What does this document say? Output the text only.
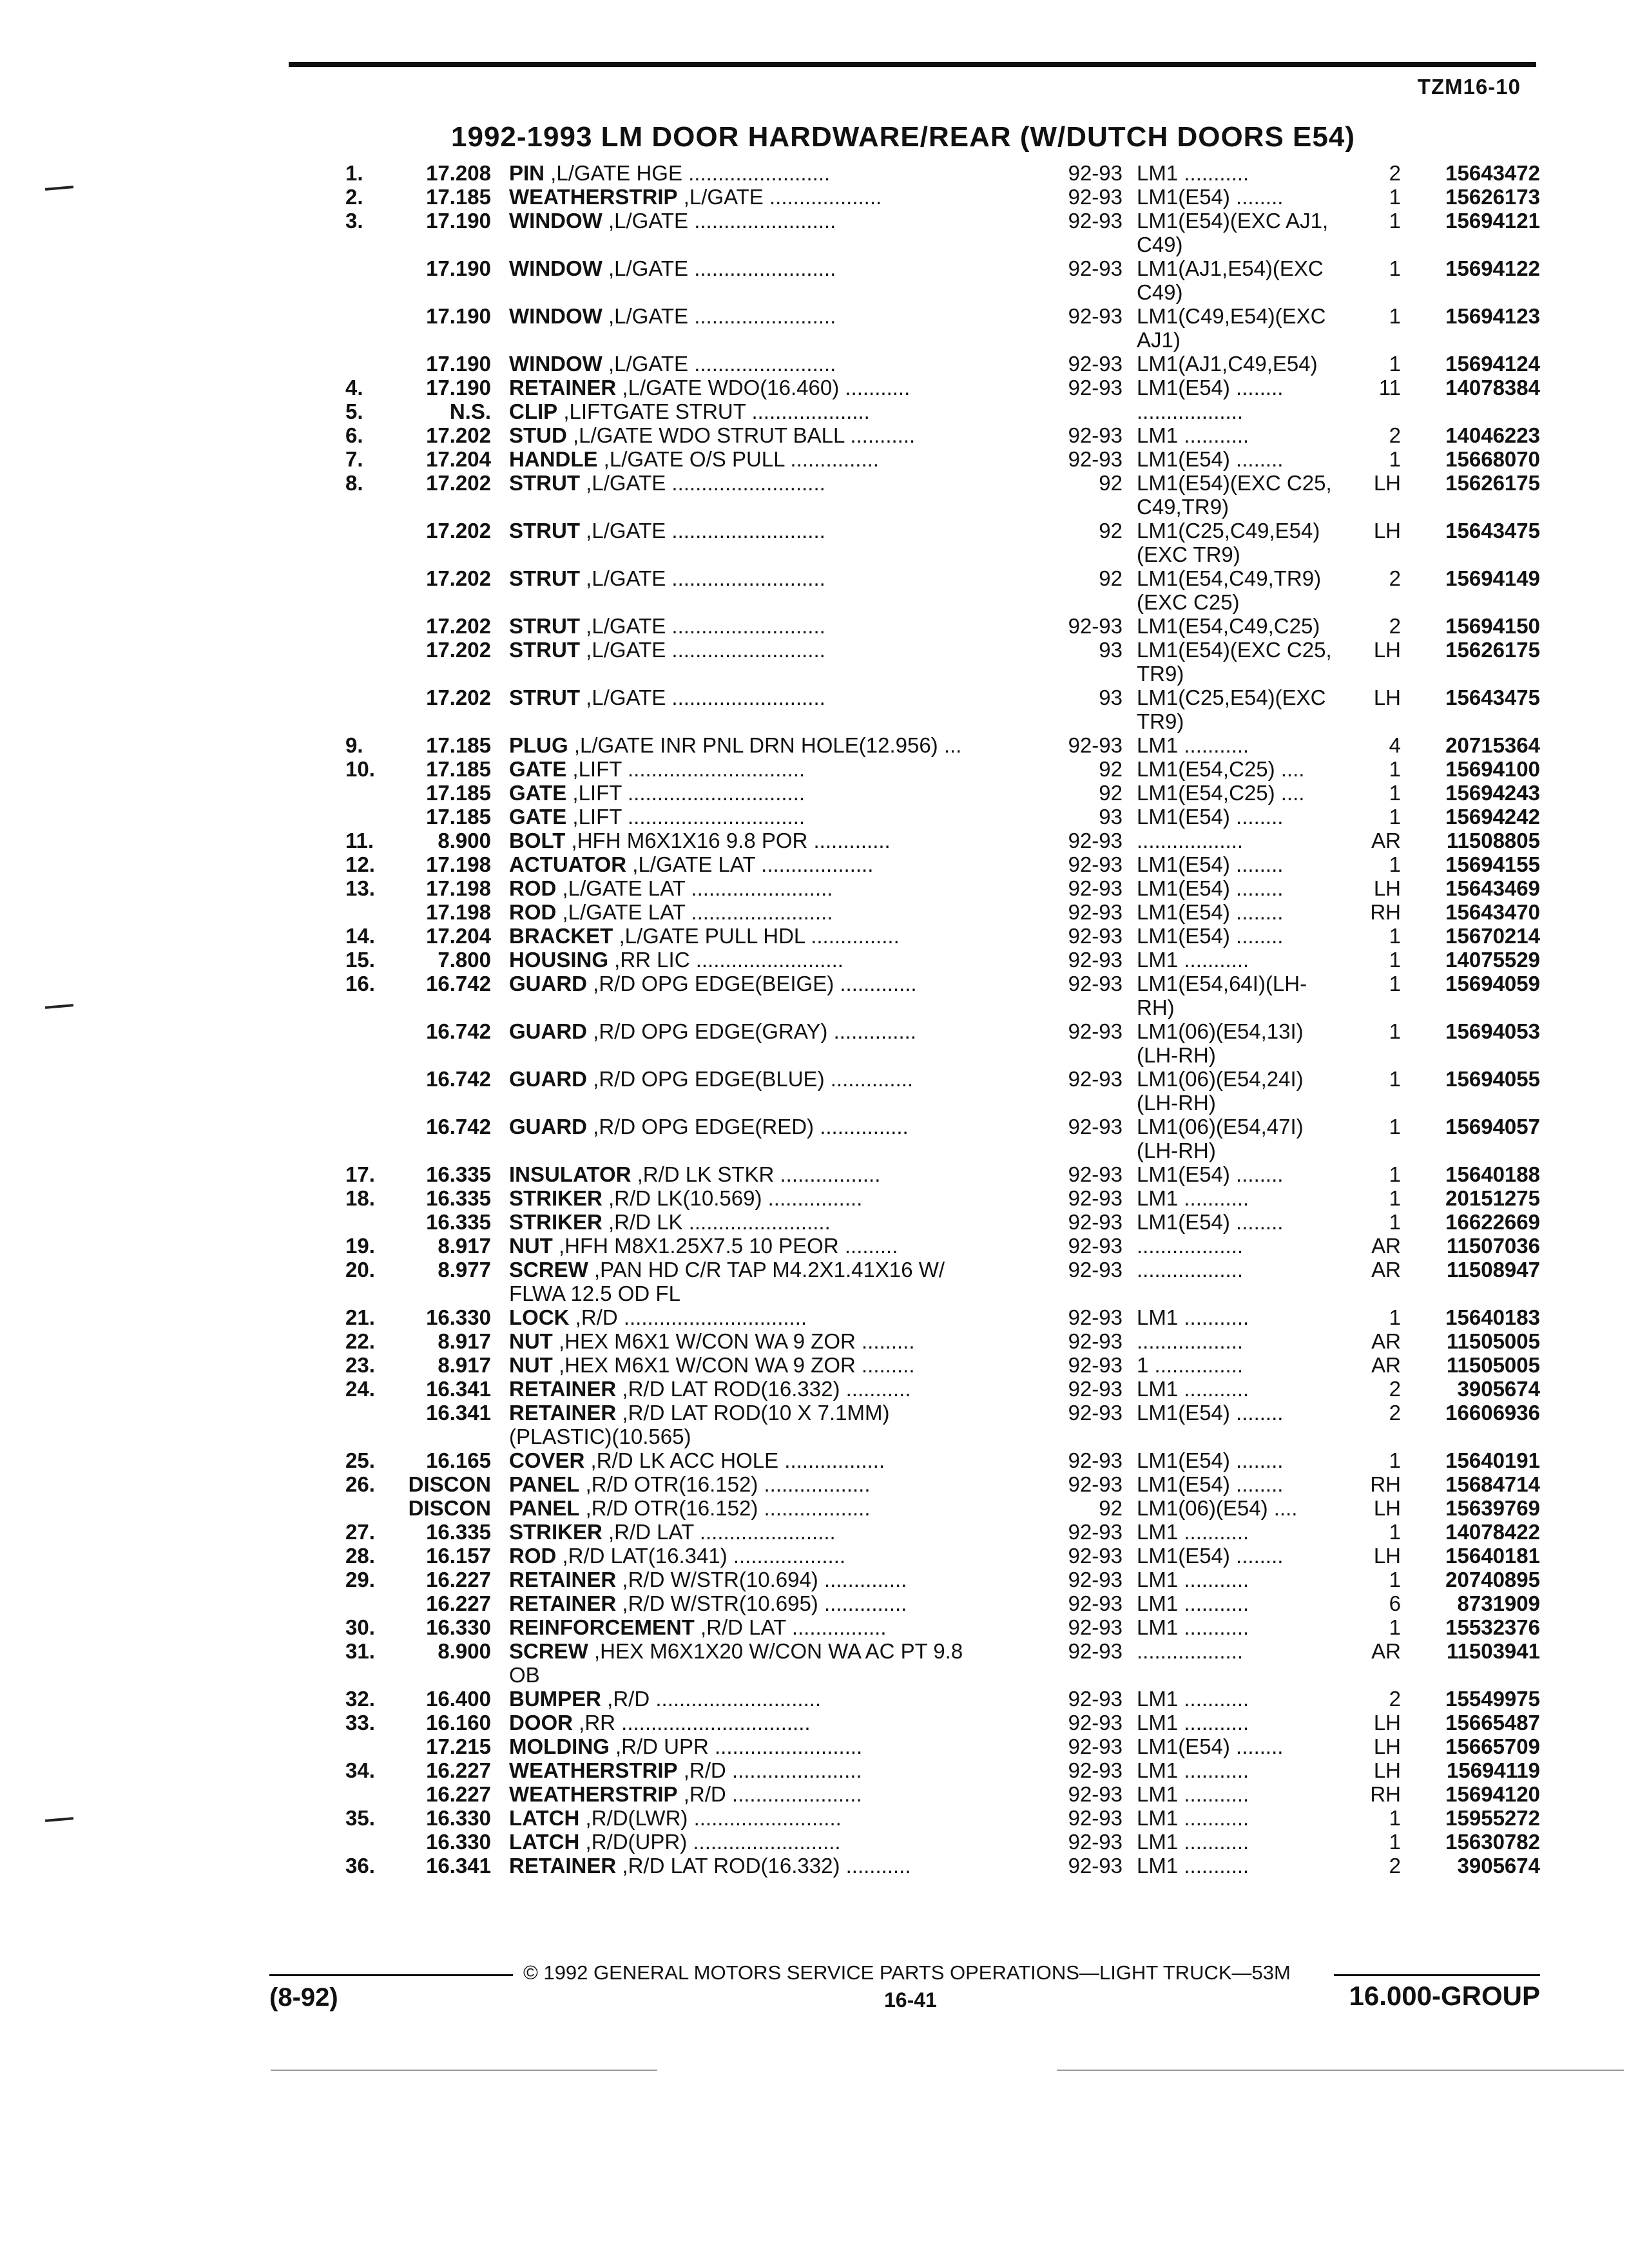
TZM16-10
1992-1993 LM DOOR HARDWARE/REAR (W/DUTCH DOORS E54)
1.	17.208 PIN ,L/GATE HGE ........................	92-93 LM1 ...........	2	15643472
2.	17.185 WEATHERSTRIP ,L/GATE ...................	92-93 LM1(E54) ........	1	15626173
3.	17.190 WINDOW ,L/GATE ........................	92-93 LM1(E54)(EXC AJ1,	1	15694121
C49)
17.190 WINDOW ,L/GATE ........................	92-93 LM1(AJ1,E54)(EXC	1	15694122
C49)
17.190 WINDOW ,L/GATE ........................	92-93 LM1(C49,E54)(EXC	1	15694123
AJ1)
17.190 WINDOW ,L/GATE ........................	92-93 LM1(AJ1,C49,E54)	1	15694124
4.	17.190 RETAINER ,L/GATE WDO(16.460) ...........	92-93 LM1(E54) ........	11	14078384
5.	N.S. CLIP ,LIFTGATE STRUT ....................	..................
6.	17.202 STUD ,L/GATE WDO STRUT BALL ...........	92-93 LM1 ...........	2	14046223
7.	17.204 HANDLE ,L/GATE O/S PULL ...............	92-93 LM1(E54) ........	1	15668070
8.	17.202 STRUT ,L/GATE ..........................	92 LM1(E54)(EXC C25,	LH	15626175
C49,TR9)
17.202 STRUT ,L/GATE ..........................	92 LM1(C25,C49,E54)	LH	15643475
(EXC TR9)
17.202 STRUT ,L/GATE ..........................	92 LM1(E54,C49,TR9)	2	15694149
(EXC C25)
17.202 STRUT ,L/GATE ..........................	92-93 LM1(E54,C49,C25)	2	15694150
17.202 STRUT ,L/GATE ..........................	93 LM1(E54)(EXC C25,	LH	15626175
TR9)
17.202 STRUT ,L/GATE ..........................	93 LM1(C25,E54)(EXC	LH	15643475
TR9)
9.	17.185 PLUG ,L/GATE INR PNL DRN HOLE(12.956) ...	92-93 LM1 ...........	4	20715364
10.	17.185 GATE ,LIFT ..............................	92 LM1(E54,C25) ....	1	15694100
17.185 GATE ,LIFT ..............................	92 LM1(E54,C25) ....	1	15694243
17.185 GATE ,LIFT ..............................	93 LM1(E54) ........	1	15694242
11.	8.900 BOLT ,HFH M6X1X16 9.8 POR .............	92-93 ..................	AR	11508805
12.	17.198 ACTUATOR ,L/GATE LAT ...................	92-93 LM1(E54) ........	1	15694155
13.	17.198 ROD ,L/GATE LAT ........................	92-93 LM1(E54) ........	LH	15643469
17.198 ROD ,L/GATE LAT ........................	92-93 LM1(E54) ........	RH	15643470
14.	17.204 BRACKET ,L/GATE PULL HDL ...............	92-93 LM1(E54) ........	1	15670214
15.	7.800 HOUSING ,RR LIC .........................	92-93 LM1 ...........	1	14075529
16.	16.742 GUARD ,R/D OPG EDGE(BEIGE) .............	92-93 LM1(E54,64I)(LH-	1	15694059
RH)
16.742 GUARD ,R/D OPG EDGE(GRAY) ..............	92-93 LM1(06)(E54,13I)	1	15694053
(LH-RH)
16.742 GUARD ,R/D OPG EDGE(BLUE) ..............	92-93 LM1(06)(E54,24I)	1	15694055
(LH-RH)
16.742 GUARD ,R/D OPG EDGE(RED) ...............	92-93 LM1(06)(E54,47I)	1	15694057
(LH-RH)
17.	16.335 INSULATOR ,R/D LK STKR .................	92-93 LM1(E54) ........	1	15640188
18.	16.335 STRIKER ,R/D LK(10.569) ................	92-93 LM1 ...........	1	20151275
16.335 STRIKER ,R/D LK ........................	92-93 LM1(E54) ........	1	16622669
19.	8.917 NUT ,HFH M8X1.25X7.5 10 PEOR .........	92-93 ..................	AR	11507036
20.	8.977 SCREW ,PAN HD C/R TAP M4.2X1.41X16 W/	92-93 ..................	AR	11508947
FLWA 12.5 OD FL
21.	16.330 LOCK ,R/D ...............................	92-93 LM1 ...........	1	15640183
22.	8.917 NUT ,HEX M6X1 W/CON WA 9 ZOR .........	92-93 ..................	AR	11505005
23.	8.917 NUT ,HEX M6X1 W/CON WA 9 ZOR .........	92-93 1 ...............	AR	11505005
24.	16.341 RETAINER ,R/D LAT ROD(16.332) ...........	92-93 LM1 ...........	2	3905674
16.341 RETAINER ,R/D LAT ROD(10 X 7.1MM)	92-93 LM1(E54) ........	2	16606936
(PLASTIC)(10.565)
25.	16.165 COVER ,R/D LK ACC HOLE .................	92-93 LM1(E54) ........	1	15640191
26. DISCON PANEL ,R/D OTR(16.152) ..................	92-93 LM1(E54) ........	RH	15684714
DISCON PANEL ,R/D OTR(16.152) ..................	92 LM1(06)(E54) ....	LH	15639769
27.	16.335 STRIKER ,R/D LAT .......................	92-93 LM1 ...........	1	14078422
28.	16.157 ROD ,R/D LAT(16.341) ...................	92-93 LM1(E54) ........	LH	15640181
29.	16.227 RETAINER ,R/D W/STR(10.694) ..............	92-93 LM1 ...........	1	20740895
16.227 RETAINER ,R/D W/STR(10.695) ..............	92-93 LM1 ...........	6	8731909
30.	16.330 REINFORCEMENT ,R/D LAT ................	92-93 LM1 ...........	1	15532376
31.	8.900 SCREW ,HEX M6X1X20 W/CON WA AC PT 9.8	92-93 ..................	AR	11503941
OB
32.	16.400 BUMPER ,R/D ............................	92-93 LM1 ...........	2	15549975
33.	16.160 DOOR ,RR ................................	92-93 LM1 ...........	LH	15665487
17.215 MOLDING ,R/D UPR .........................	92-93 LM1(E54) ........	LH	15665709
34.	16.227 WEATHERSTRIP ,R/D ......................	92-93 LM1 ...........	LH	15694119
16.227 WEATHERSTRIP ,R/D ......................	92-93 LM1 ...........	RH	15694120
35.	16.330 LATCH ,R/D(LWR) .........................	92-93 LM1 ...........	1	15955272
16.330 LATCH ,R/D(UPR) .........................	92-93 LM1 ...........	1	15630782
36.	16.341 RETAINER ,R/D LAT ROD(16.332) ...........	92-93 LM1 ...........	2	3905674
© 1992 GENERAL MOTORS SERVICE PARTS OPERATIONS—LIGHT TRUCK—53M
(8-92)	16-41	16.000-GROUP
